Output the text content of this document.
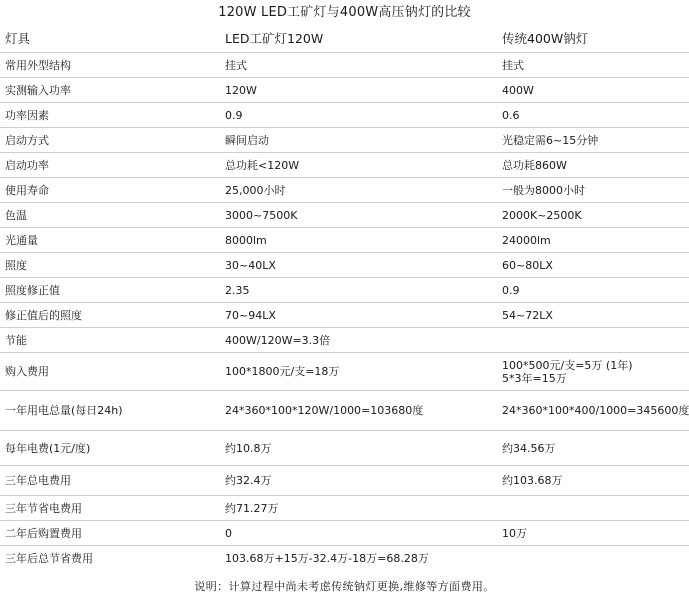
120W LED工矿灯与400W高压钠灯的比较
灯具	LED工矿灯120W	传统400W钠灯
常用外型结构	挂式	挂式
实测输入功率	120W	400W
功率因素	0.9	0.6
启动方式	瞬间启动	光稳定需6~15分钟
启动功率	总功耗<120W	总功耗860W
使用寿命	25,000小时	一般为8000小时
色温	3000~7500K	2000K~2500K
光通量	8000lm	24000lm
照度	30~40LX	60~80LX
照度修正值	2.35	0.9
修正值后的照度	70~94LX	54~72LX
节能	400W/120W=3.3倍	
购入费用	100*1800元/支=18万	100*500元/支=5万 (1年)
5*3年=15万

一年用电总量(每日24h)	24*360*100*120W/1000=103680度	24*360*100*400/1000=345600度
每年电费(1元/度)	约10.8万	约34.56万
三年总电费用	约32.4万	约103.68万
三年节省电费用	约71.27万	
二年后购置费用	0	10万
三年后总节省费用	103.68万+15万-32.4万-18万=68.28万	
说明：计算过程中尚未考虑传统钠灯更换,维修等方面费用。
